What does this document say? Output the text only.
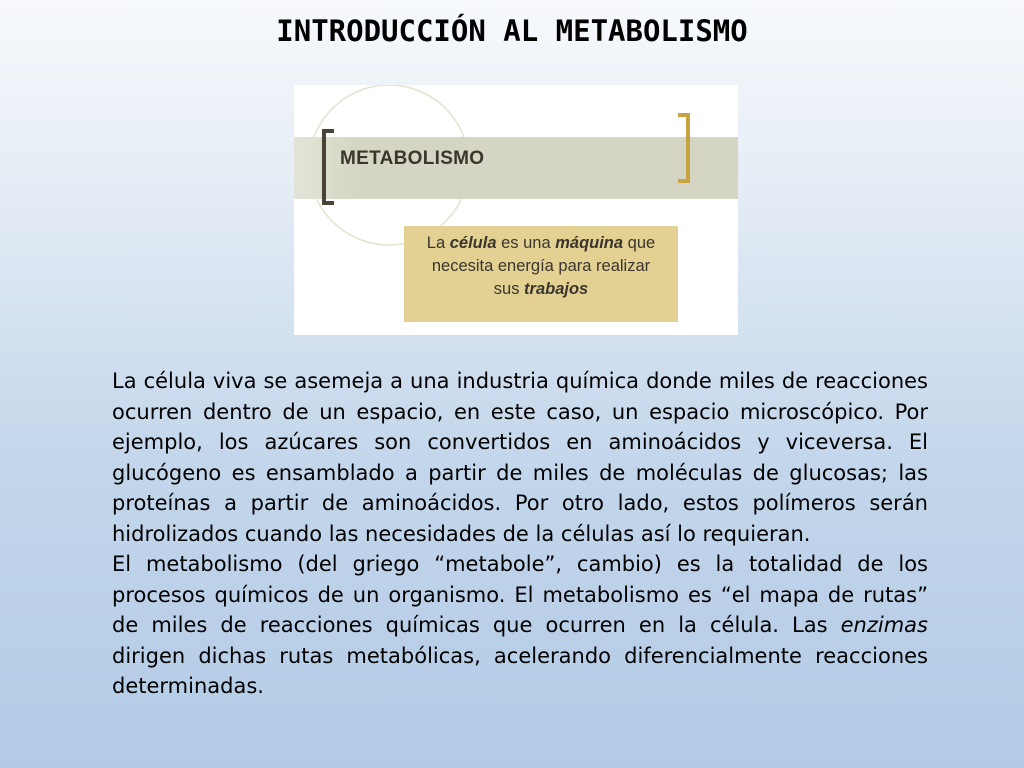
INTRODUCCIÓN AL METABOLISMO
METABOLISMO
La célula es una máquina que
necesita energía para realizar
sus trabajos

La célula viva se asemeja a una industria química donde miles de reacciones ocurren dentro de un espacio, en este caso, un espacio microscópico. Por ejemplo, los azúcares son convertidos en aminoácidos y viceversa. El glucógeno es ensamblado a partir de miles de moléculas de glucosas; las proteínas a partir de aminoácidos. Por otro lado, estos polímeros serán hidrolizados cuando las necesidades de la células así lo requieran.

El metabolismo (del griego “metabole”, cambio) es la totalidad de los procesos químicos de un organismo. El metabolismo es “el mapa de rutas” de miles de reacciones químicas que ocurren en la célula. Las enzimas dirigen dichas rutas metabólicas, acelerando diferencialmente reacciones determinadas.
